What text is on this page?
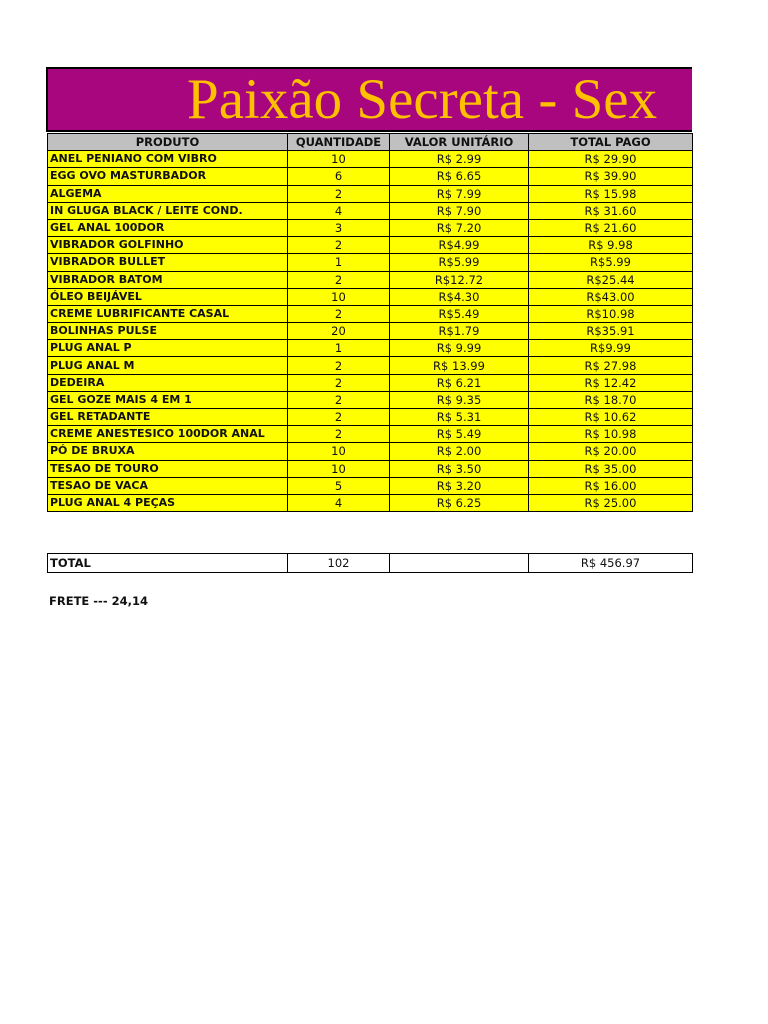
Paixão Secreta - Sex
PRODUTO	QUANTIDADE	VALOR UNITÁRIO	TOTAL PAGO
ANEL PENIANO COM VIBRO	10	R$ 2.99	R$ 29.90
EGG OVO MASTURBADOR	6	R$ 6.65	R$ 39.90
ALGEMA	2	R$ 7.99	R$ 15.98
IN GLUGA BLACK / LEITE COND.	4	R$ 7.90	R$ 31.60
GEL ANAL 100DOR	3	R$ 7.20	R$ 21.60
VIBRADOR GOLFINHO	2	R$4.99	R$ 9.98
VIBRADOR BULLET	1	R$5.99	R$5.99
VIBRADOR BATOM	2	R$12.72	R$25.44
ÓLEO BEIJÁVEL	10	R$4.30	R$43.00
CREME LUBRIFICANTE CASAL	2	R$5.49	R$10.98
BOLINHAS PULSE	20	R$1.79	R$35.91
PLUG ANAL P	1	R$ 9.99	R$9.99
PLUG ANAL M	2	R$ 13.99	R$ 27.98
DEDEIRA	2	R$ 6.21	R$ 12.42
GEL GOZE MAIS 4 EM 1	2	R$ 9.35	R$ 18.70
GEL RETADANTE	2	R$ 5.31	R$ 10.62
CREME ANESTESICO 100DOR ANAL	2	R$ 5.49	R$ 10.98
PÓ DE BRUXA	10	R$ 2.00	R$ 20.00
TESAO DE TOURO	10	R$ 3.50	R$ 35.00
TESAO DE VACA	5	R$ 3.20	R$ 16.00
PLUG ANAL 4 PEÇAS	4	R$ 6.25	R$ 25.00
TOTAL	102		R$ 456.97
FRETE --- 24,14
